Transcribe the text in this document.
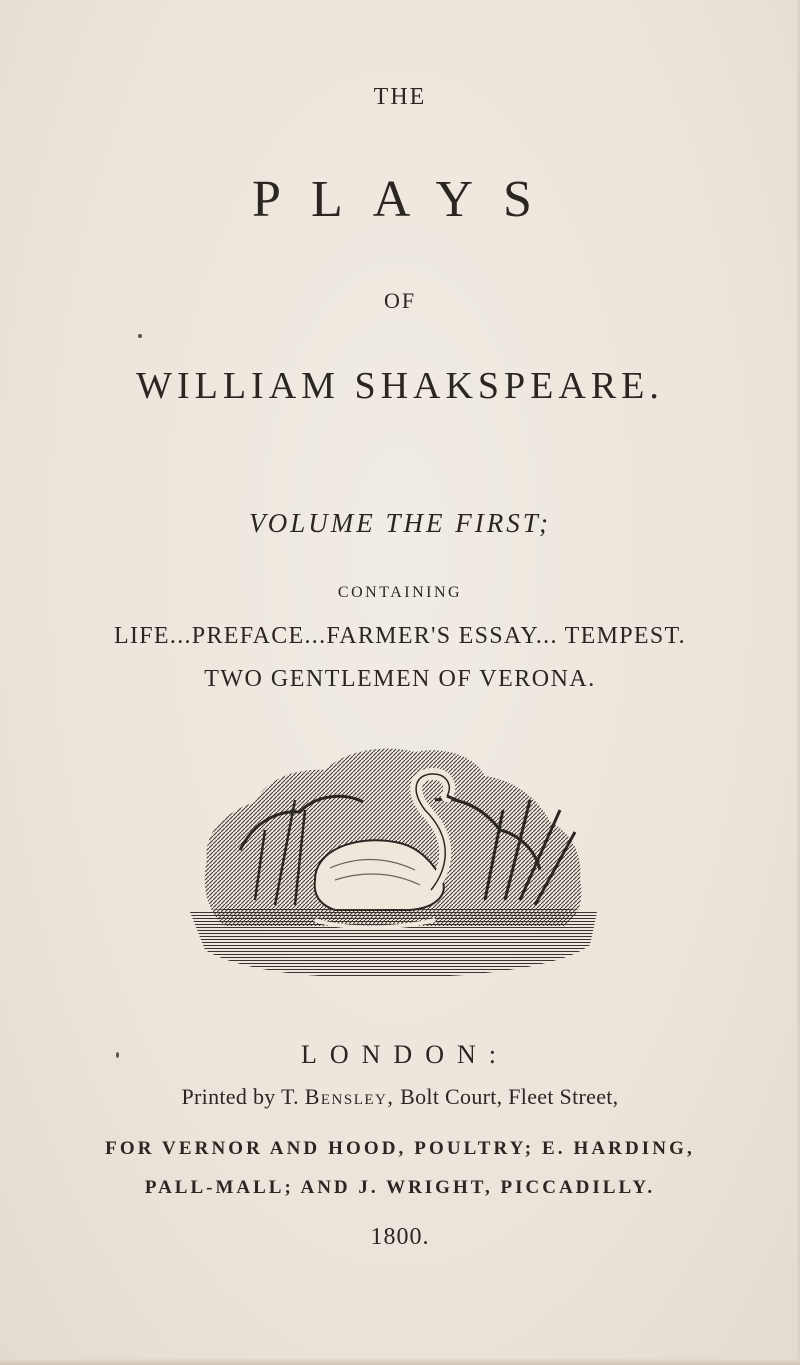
THE

PLAYS

OF

WILLIAM SHAKSPEARE.

VOLUME THE FIRST;

CONTAINING

LIFE...PREFACE...FARMER'S ESSAY... TEMPEST.

TWO GENTLEMEN OF VERONA.

LONDON:

Printed by T. Bensley, Bolt Court, Fleet Street,

FOR VERNOR AND HOOD, POULTRY; E. HARDING,

PALL-MALL; AND J. WRIGHT, PICCADILLY.

1800.
